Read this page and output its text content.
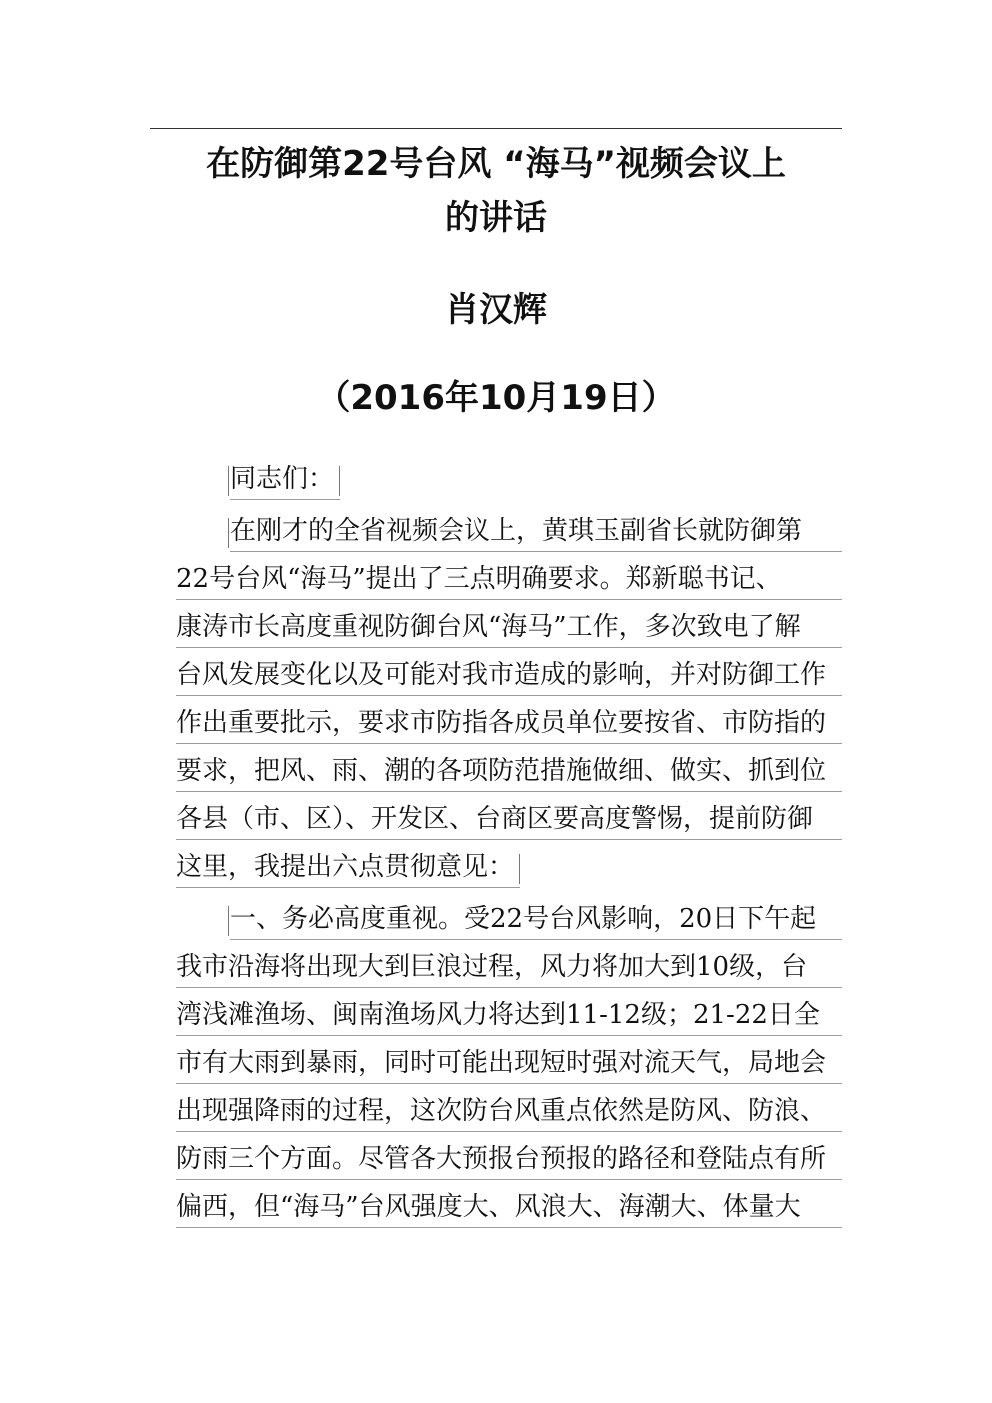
在防御第22号台风 “海马”视频会议上
的讲话
肖汉辉
（2016年10月19日）
同志们：
在刚才的全省视频会议上，黄琪玉副省长就防御第
22号台风“海马”提出了三点明确要求。郑新聪书记、
康涛市长高度重视防御台风“海马”工作，多次致电了解
台风发展变化以及可能对我市造成的影响，并对防御工作
作出重要批示，要求市防指各成员单位要按省、市防指的
要求，把风、雨、潮的各项防范措施做细、做实、抓到位
各县（市、区）、开发区、台商区要高度警惕，提前防御
这里，我提出六点贯彻意见：
一、务必高度重视。受22号台风影响，20日下午起
我市沿海将出现大到巨浪过程，风力将加大到10级，台
湾浅滩渔场、闽南渔场风力将达到11-12级；21-22日全
市有大雨到暴雨，同时可能出现短时强对流天气，局地会
出现强降雨的过程，这次防台风重点依然是防风、防浪、
防雨三个方面。尽管各大预报台预报的路径和登陆点有所
偏西，但“海马”台风强度大、风浪大、海潮大、体量大
